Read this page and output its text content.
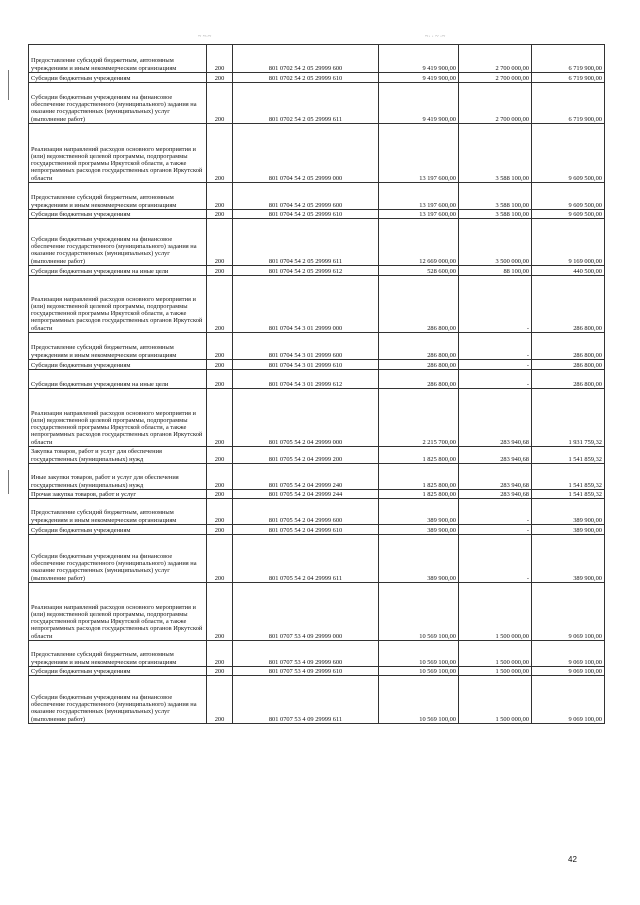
~ ~·~	~· · ~ ·~
Предоставление субсидий бюджетным, автономным учреждениям и иным некоммерческим организациям	200	801 0702 54 2 05 29999 600	9 419 900,00	2 700 000,00	6 719 900,00
Субсидии бюджетным учреждениям	200	801 0702 54 2 05 29999 610	9 419 900,00	2 700 000,00	6 719 900,00
Субсидии бюджетным учреждениям на финансовое обеспечение государственного (муниципального) задания на оказание государственных (муниципальных) услуг (выполнение работ)	200	801 0702 54 2 05 29999 611	9 419 900,00	2 700 000,00	6 719 900,00
Реализация направлений расходов основного мероприятия и (или) ведомственной целевой программы, подпрограммы государственной программы Иркутской области, а также непрограммных расходов государственных органов Иркутской области	200	801 0704 54 2 05 29999 000	13 197 600,00	3 588 100,00	9 609 500,00
Предоставление субсидий бюджетным, автономным учреждениям и иным некоммерческим организациям	200	801 0704 54 2 05 29999 600	13 197 600,00	3 588 100,00	9 609 500,00
Субсидии бюджетным учреждениям	200	801 0704 54 2 05 29999 610	13 197 600,00	3 588 100,00	9 609 500,00
Субсидии бюджетным учреждениям на финансовое обеспечение государственного (муниципального) задания на оказание государственных (муниципальных) услуг (выполнение работ)	200	801 0704 54 2 05 29999 611	12 669 000,00	3 500 000,00	9 169 000,00
Субсидии бюджетным учреждениям на иные цели	200	801 0704 54 2 05 29999 612	528 600,00	88 100,00	440 500,00
Реализация направлений расходов основного мероприятия и (или) ведомственной целевой программы, подпрограммы государственной программы Иркутской области, а также непрограммных расходов государственных органов Иркутской области	200	801 0704 54 3 01 29999 000	286 800,00	-	286 800,00
Предоставление субсидий бюджетным, автономным учреждениям и иным некоммерческим организациям	200	801 0704 54 3 01 29999 600	286 800,00	-	286 800,00
Субсидии бюджетным учреждениям	200	801 0704 54 3 01 29999 610	286 800,00	-	286 800,00
Субсидии бюджетным учреждениям на иные цели	200	801 0704 54 3 01 29999 612	286 800,00	-	286 800,00
Реализация направлений расходов основного мероприятия и (или) ведомственной целевой программы, подпрограммы государственной программы Иркутской области, а также непрограммных расходов государственных органов Иркутской области	200	801 0705 54 2 04 29999 000	2 215 700,00	283 940,68	1 931 759,32
Закупка товаров, работ и услуг для обеспечения государственных (муниципальных) нужд	200	801 0705 54 2 04 29999 200	1 825 800,00	283 940,68	1 541 859,32
Иные закупки товаров, работ и услуг для обеспечения государственных (муниципальных) нужд	200	801 0705 54 2 04 29999 240	1 825 800,00	283 940,68	1 541 859,32
Прочая закупка товаров, работ и услуг	200	801 0705 54 2 04 29999 244	1 825 800,00	283 940,68	1 541 859,32
Предоставление субсидий бюджетным, автономным учреждениям и иным некоммерческим организациям	200	801 0705 54 2 04 29999 600	389 900,00	-	389 900,00
Субсидии бюджетным учреждениям	200	801 0705 54 2 04 29999 610	389 900,00	-	389 900,00
Субсидии бюджетным учреждениям на финансовое обеспечение государственного (муниципального) задания на оказание государственных (муниципальных) услуг (выполнение работ)	200	801 0705 54 2 04 29999 611	389 900,00	-	389 900,00
Реализация направлений расходов основного мероприятия и (или) ведомственной целевой программы, подпрограммы государственной программы Иркутской области, а также непрограммных расходов государственных органов Иркутской области	200	801 0707 53 4 09 29999 000	10 569 100,00	1 500 000,00	9 069 100,00
Предоставление субсидий бюджетным, автономным учреждениям и иным некоммерческим организациям	200	801 0707 53 4 09 29999 600	10 569 100,00	1 500 000,00	9 069 100,00
Субсидии бюджетным учреждениям	200	801 0707 53 4 09 29999 610	10 569 100,00	1 500 000,00	9 069 100,00
Субсидии бюджетным учреждениям на финансовое обеспечение государственного (муниципального) задания на оказание государственных (муниципальных) услуг (выполнение работ)	200	801 0707 53 4 09 29999 611	10 569 100,00	1 500 000,00	9 069 100,00
42
